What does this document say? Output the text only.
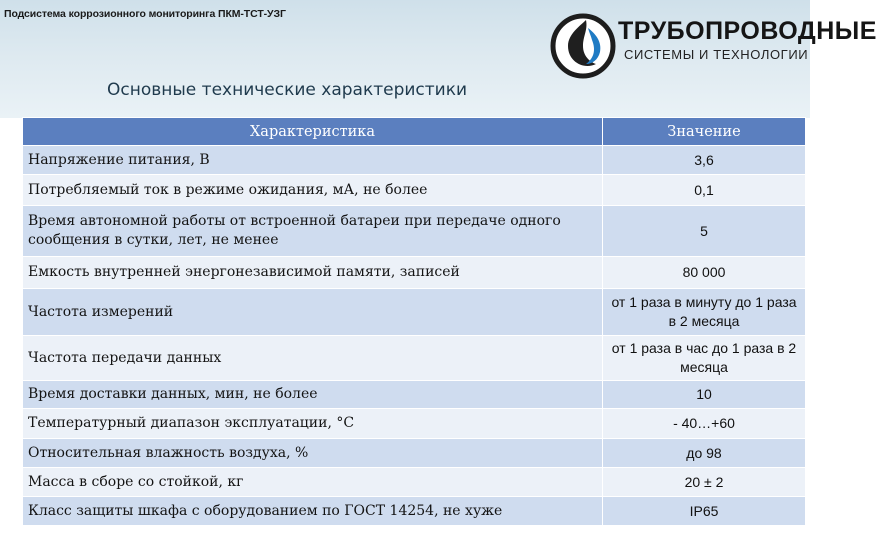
Подсистема коррозионного мониторинга ПКМ-ТСТ-УЗГ
ТРУБОПРОВОДНЫЕ
СИСТЕМЫ И ТЕХНОЛОГИИ
Основные технические характеристики
Характеристика	Значение
Напряжение питания, В	3,6
Потребляемый ток в режиме ожидания, мА, не более	0,1
Время автономной работы от встроенной батареи при передаче одного сообщения в сутки, лет, не менее	5
Емкость внутренней энергонезависимой памяти, записей	80 000
Частота измерений	от 1 раза в минуту до 1 раза в 2 месяца
Частота передачи данных	от 1 раза в час до 1 раза в 2 месяца
Время доставки данных, мин, не более	10
Температурный диапазон эксплуатации, °С	- 40…+60
Относительная влажность воздуха, %	до 98
Масса в сборе со стойкой, кг	20 ± 2
Класс защиты шкафа с оборудованием по ГОСТ 14254, не хуже	IP65
